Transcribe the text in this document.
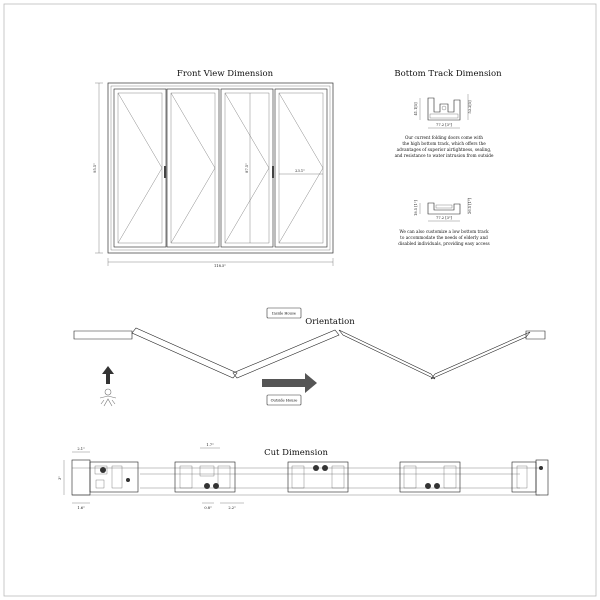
Front View Dimension
118.5"
95.5"	87.5"	23.1"
Bottom Track Dimension
41.1[5]	53.2[5]
77.2 [3"]
Our current folding doors come with
the high bottom track, which offers the
advantages of superior airtightness, sealing,
and resistance to water intrusion from outside
18.5 [1"]	26.5 [1"]
77.2 [3"]
We can also customize a low bottom track
to accommodate the needs of elderly and
disabled individuals, providing easy access
Orientation
Inside House
Outside House
Cut Dimension
2.1"
3"
1.6"
1.7"
0.8"	2.2"
